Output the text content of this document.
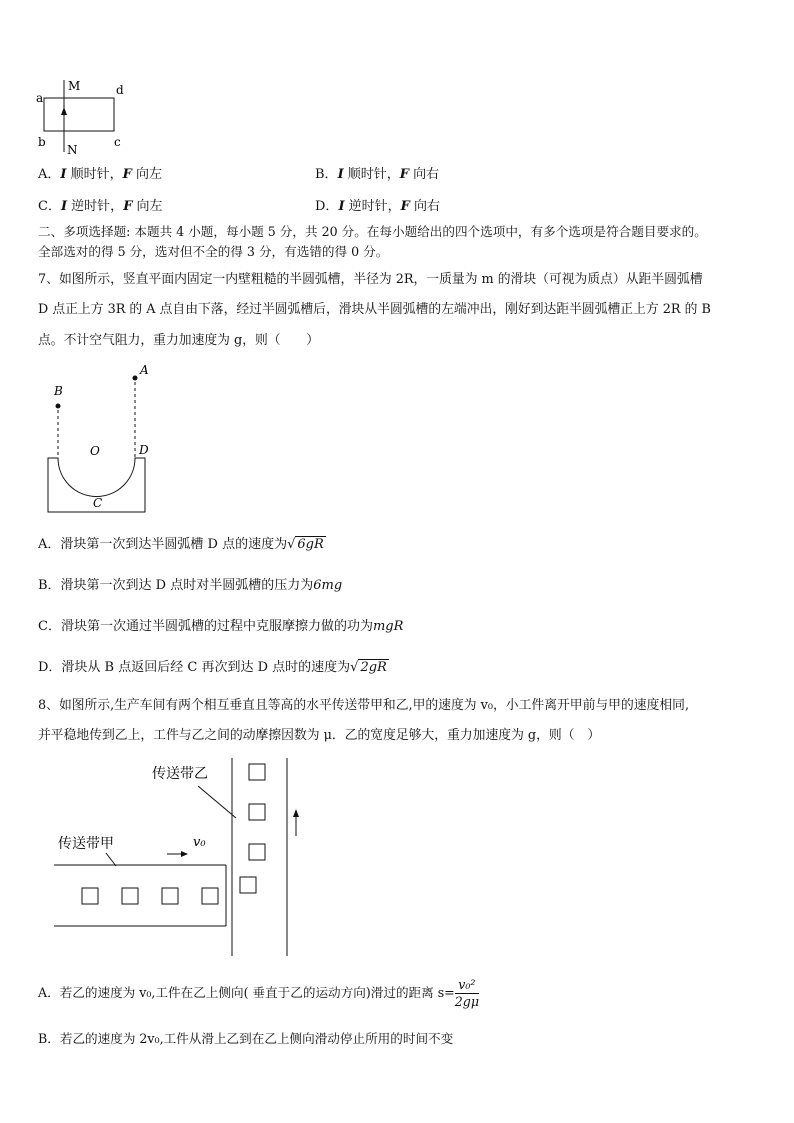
M
N
a
b	c
d
A．I 顺时针，F 向左	B．I 顺时针，F 向右
C．I 逆时针，F 向左	D．I 逆时针，F 向右
二、多项选择题: 本题共 4 小题，每小题 5 分，共 20 分。在每小题给出的四个选项中，有多个选项是符合题目要求的。
全部选对的得 5 分，选对但不全的得 3 分，有选错的得 0 分。
7、如图所示，竖直平面内固定一内壁粗糙的半圆弧槽，半径为 2R，一质量为 m 的滑块（可视为质点）从距半圆弧槽
D 点正上方 3R 的 A 点自由下落，经过半圆弧槽后，滑块从半圆弧槽的左端冲出，刚好到达距半圆弧槽正上方 2R 的 B
点。不计空气阻力，重力加速度为 g，则（　　）
A
B
O	D
C
A．滑块第一次到达半圆弧槽 D 点的速度为√ 6gR
B．滑块第一次到达 D 点时对半圆弧槽的压力为6mg
C．滑块第一次通过半圆弧槽的过程中克服摩擦力做的功为mgR
D．滑块从 B 点返回后经 C 再次到达 D 点时的速度为√ 2gR
8、如图所示,生产车间有两个相互垂直且等高的水平传送带甲和乙,甲的速度为 v₀，小工件离开甲前与甲的速度相同,
并平稳地传到乙上，工件与乙之间的动摩擦因数为 μ．乙的宽度足够大，重力加速度为 g，则（　）
传送带乙
传送带甲	v₀
A．若乙的速度为 v₀,工件在乙上侧向( 垂直于乙的运动方向)滑过的距离 $s= \frac{\text{v₀²}}{2g\mu}$
B．若乙的速度为 2v₀,工件从滑上乙到在乙上侧向滑动停止所用的时间不变
